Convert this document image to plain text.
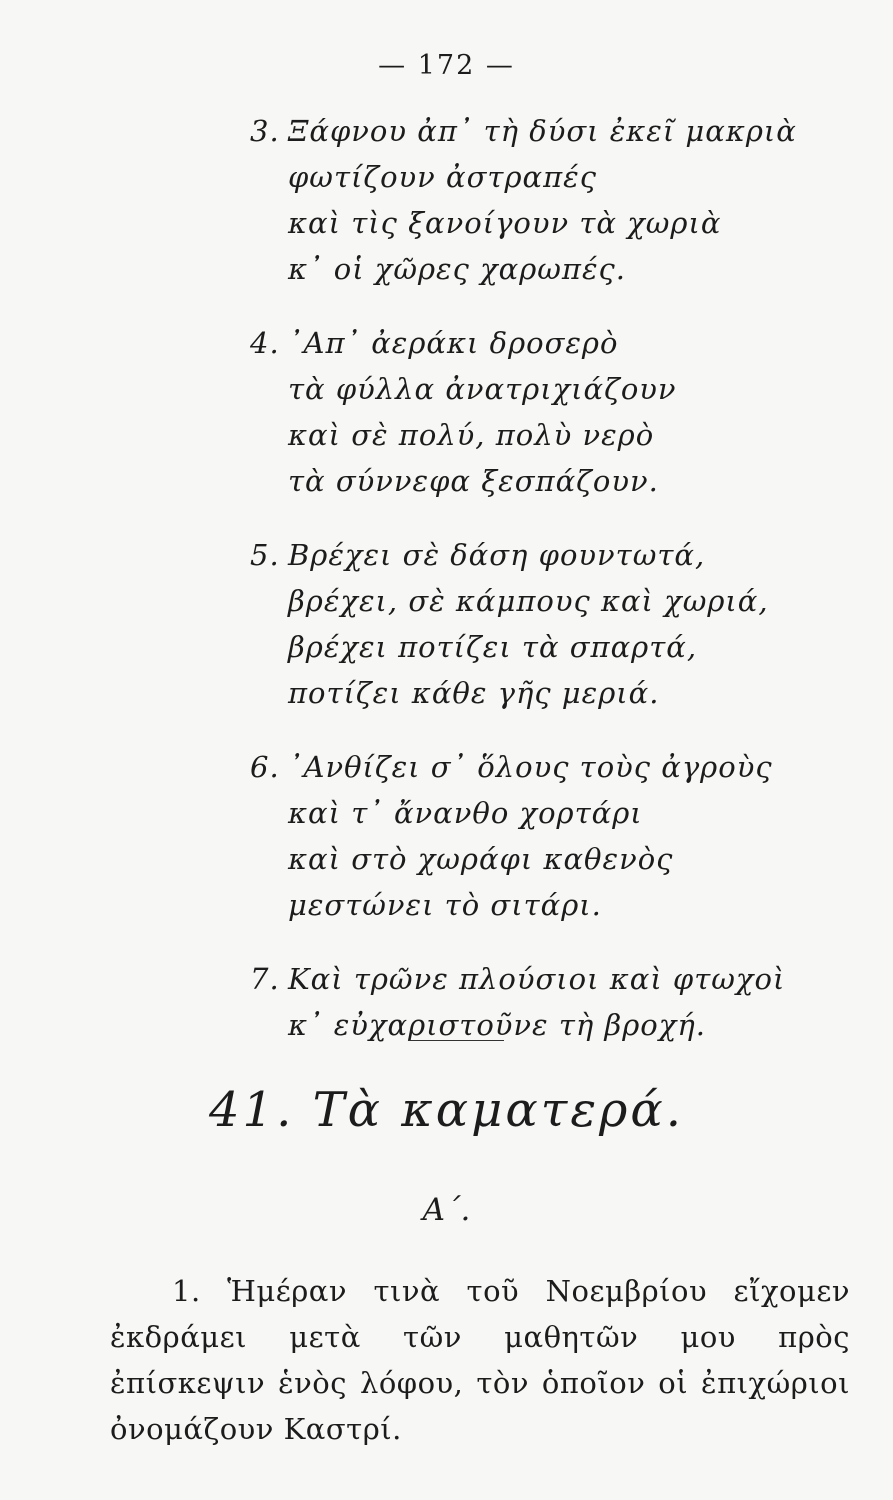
— 172 —
3. Ξάφνου ἀπ᾽ τὴ δύσι ἐκεῖ μακριὰ
φωτίζουν ἀστραπές
καὶ τὶς ξανοίγουν τὰ χωριὰ
κ᾽ οἱ χῶρες χαρωπές.
4. ᾽Απ᾽ ἀεράκι δροσερὸ
τὰ φύλλα ἀνατριχιάζουν
καὶ σὲ πολύ, πολὺ νερὸ
τὰ σύννεφα ξεσπάζουν.
5. Βρέχει σὲ δάση φουντωτά,
βρέχει, σὲ κάμπους καὶ χωριά,
βρέχει ποτίζει τὰ σπαρτά,
ποτίζει κάθε γῆς μεριά.
6. ᾽Ανθίζει σ᾽ ὅλους τοὺς ἀγροὺς
καὶ τ᾽ ἄνανθο χορτάρι
καὶ στὸ χωράφι καθενὸς
μεστώνει τὸ σιτάρι.
7. Καὶ τρῶνε πλούσιοι καὶ φτωχοὶ
κ᾽ εὐχαριστοῦνε τὴ βροχή.
41. Τὰ καματερά.
Α΄.

1. Ἡμέραν τινὰ τοῦ Νοεμβρίου εἴχομεν ἐκδράμει μετὰ τῶν μαθητῶν μου πρὸς ἐπίσκεψιν ἑνὸς λόφου, τὸν ὁποῖον οἱ ἐπιχώριοι ὀνομάζουν Καστρί.
